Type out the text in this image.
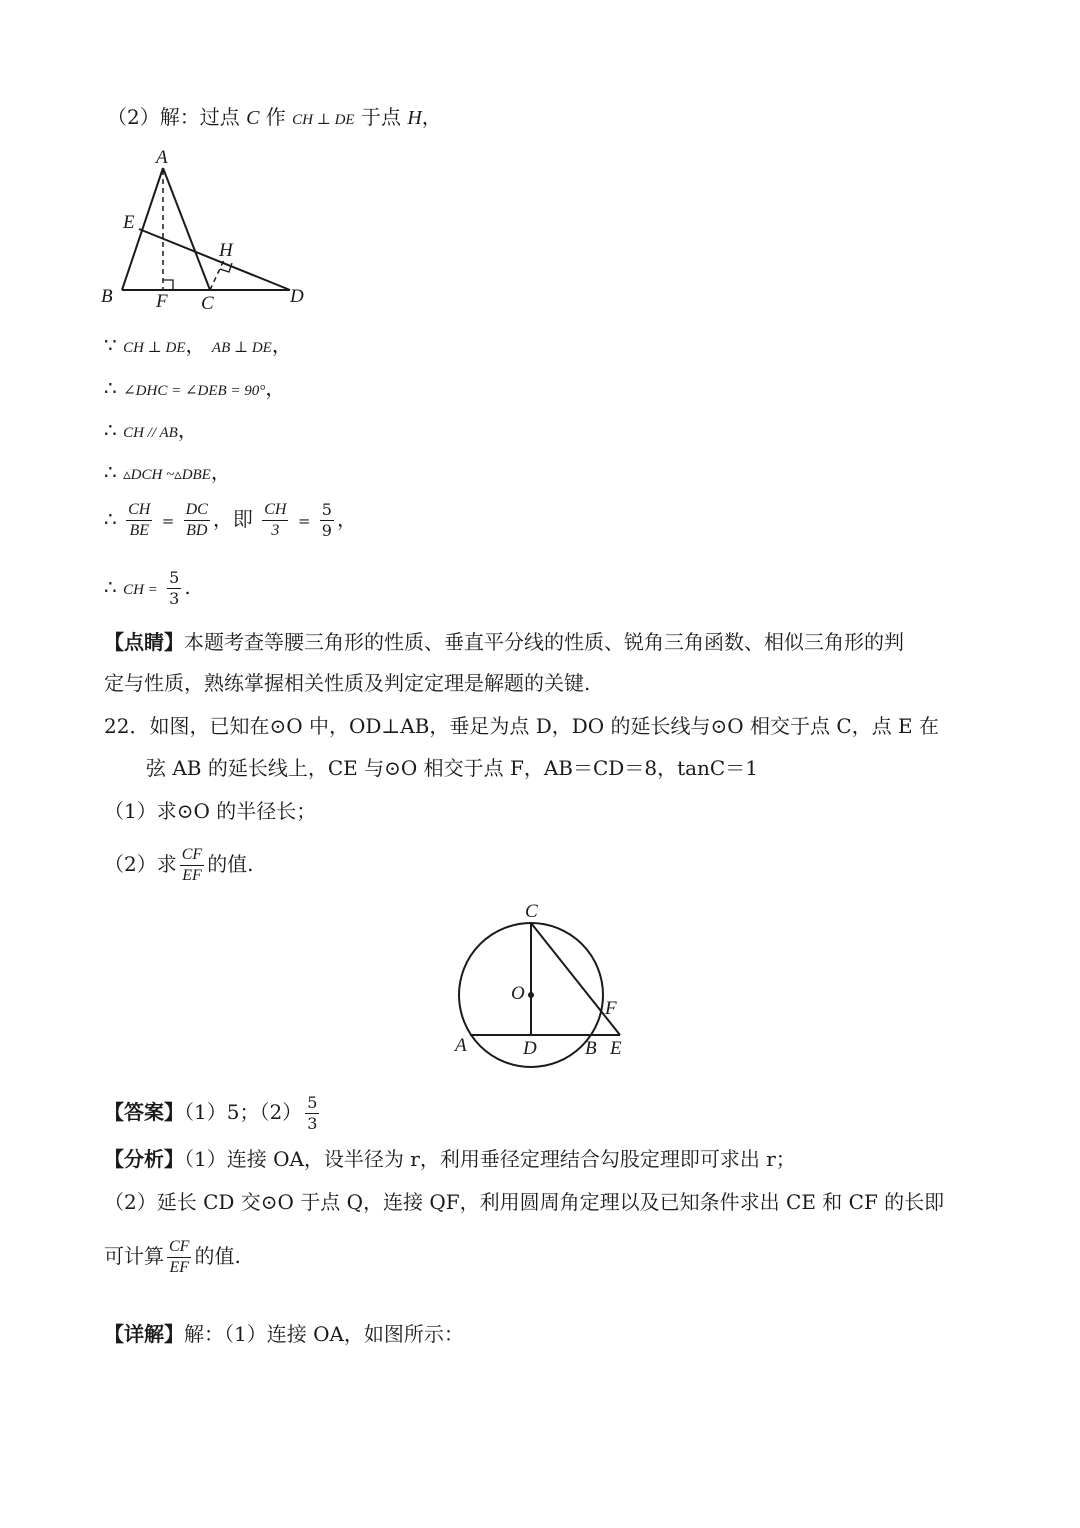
（2）解：过点 C 作 CH ⊥ DE 于点 H，
A
E
H
B F C	D
∵ CH ⊥ DE， AB ⊥ DE，
∴ ∠DHC = ∠DEB = 90°，
∴ CH // AB，
∴ ▵DCH ~▵DBE，
∴ $\frac{CH}{BE} = \frac{DC}{BD}$ ，即 $\frac{CH}{3} = \frac{5}{9}$ ，
∴ CH = $\frac{5}{3}$ .
【点睛】本题考查等腰三角形的性质、垂直平分线的性质、锐角三角函数、相似三角形的判
定与性质，熟练掌握相关性质及判定定理是解题的关键.
22．如图，已知在⊙O 中，OD⊥AB，垂足为点 D，DO 的延长线与⊙O 相交于点 C，点 E 在
弦 AB 的延长线上，CE 与⊙O 相交于点 F，AB＝CD＝8，tanC＝1
（1）求⊙O 的半径长；
（2）求 $\frac{CF}{EF}$ 的值.
C
O
F
A	D	B E
【答案】（1）5；$(2) \frac{5}{3}$
【分析】（1）连接 OA，设半径为 r，利用垂径定理结合勾股定理即可求出 r；
（2）延长 CD 交⊙O 于点 Q，连接 QF，利用圆周角定理以及已知条件求出 CE 和 CF 的长即
可计算 $\frac{CF}{EF}$ 的值.
【详解】解：（1）连接 OA，如图所示：
